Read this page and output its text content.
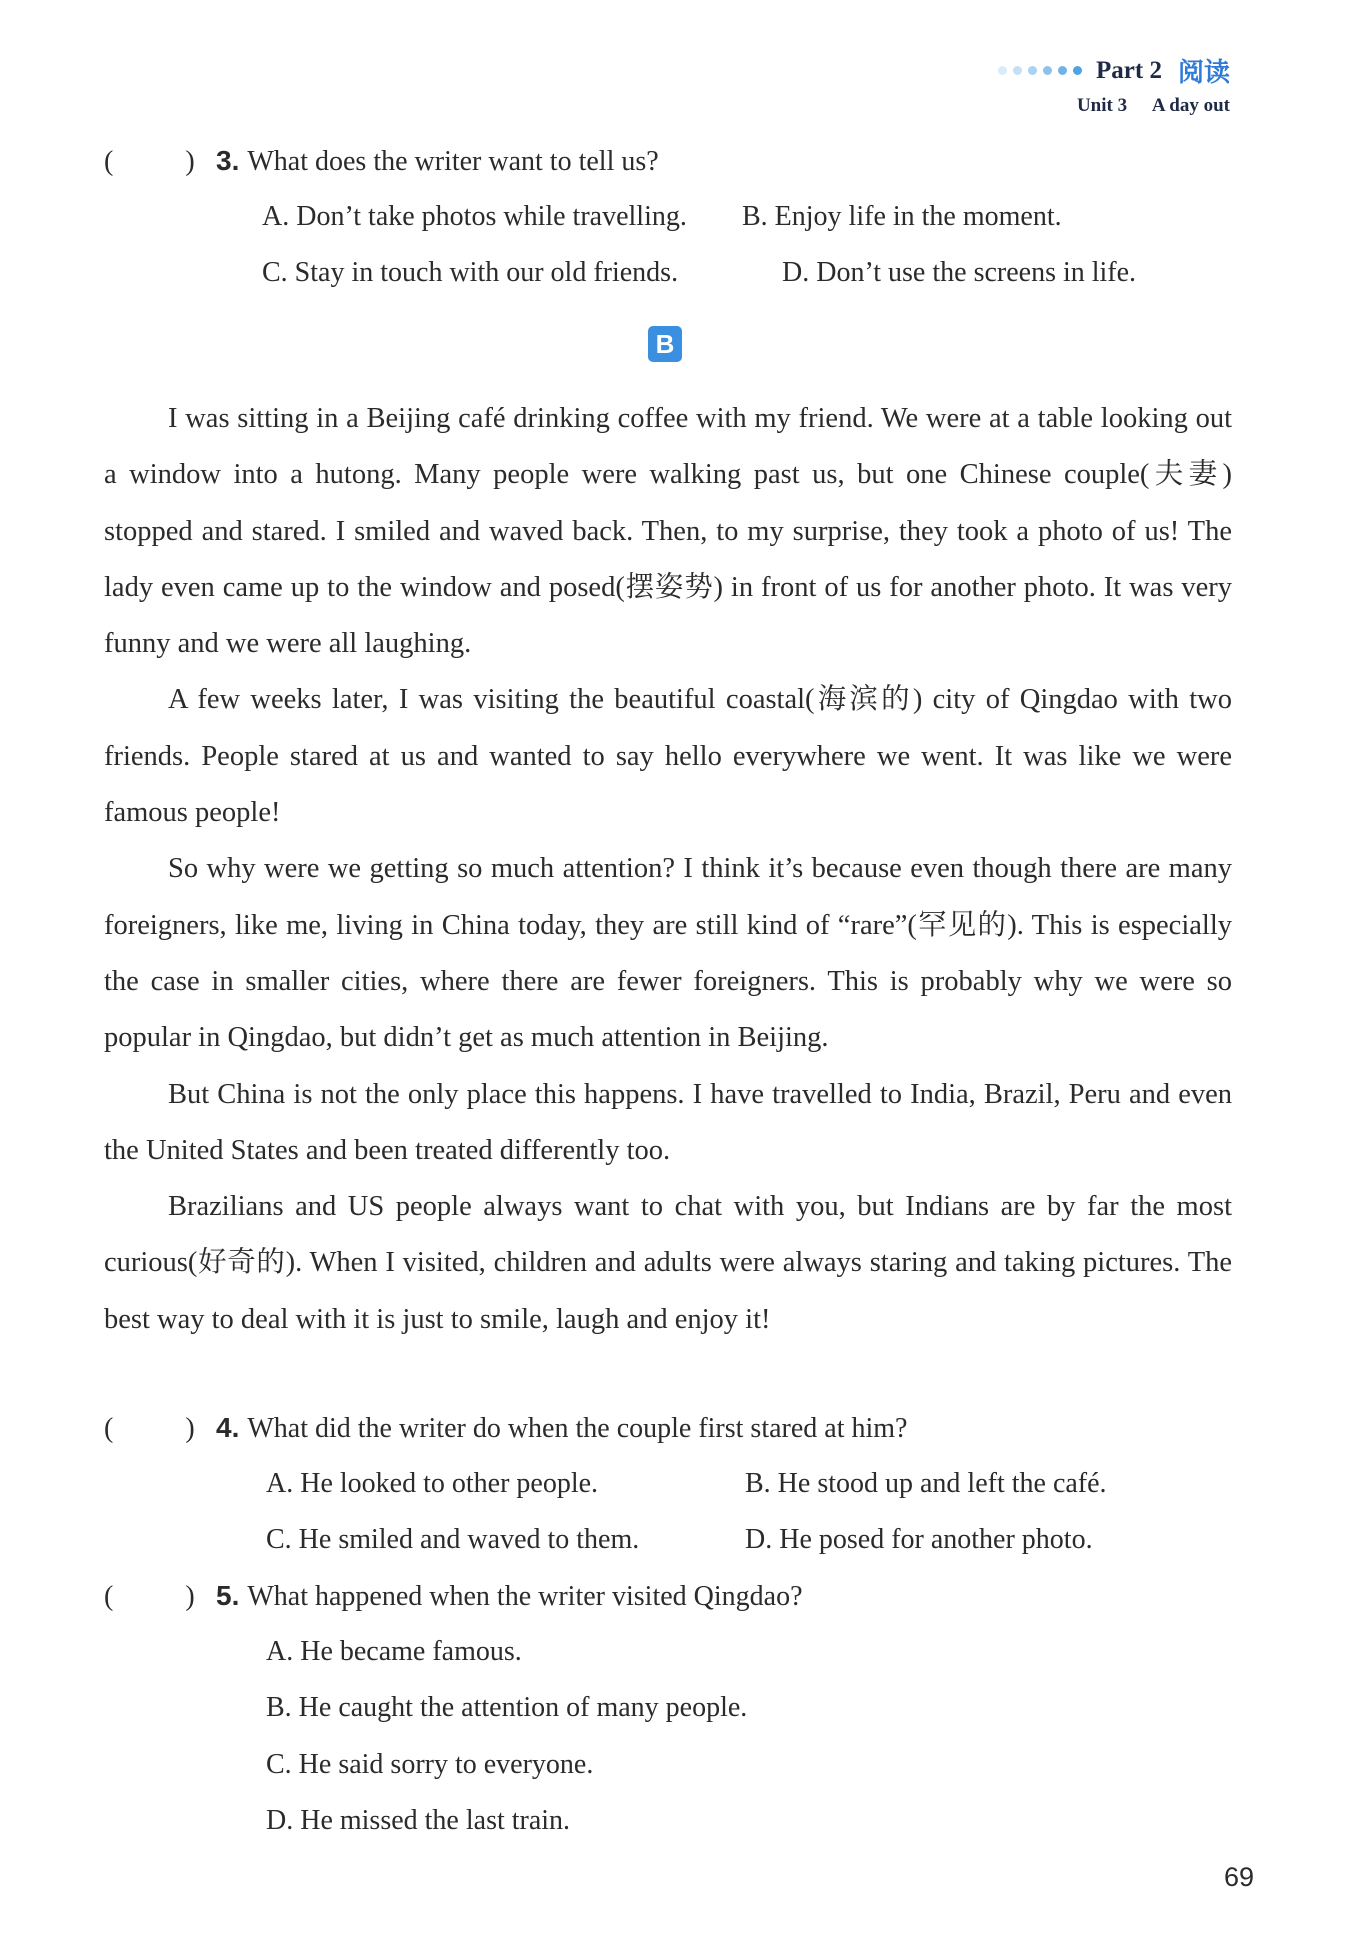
Part 2 阅读
Unit 3 A day out
(	) 3. What does the writer want to tell us?
A. Don’t take photos while travelling. B. Enjoy life in the moment.
C. Stay in touch with our old friends.	D. Don’t use the screens in life.
B

I was sitting in a Beijing café drinking coffee with my friend. We were at a table looking out a window into a hutong. Many people were walking past us, but one Chinese couple(夫妻) stopped and stared. I smiled and waved back. Then, to my surprise, they took a photo of us! The lady even came up to the window and posed(摆姿势) in front of us for another photo. It was very funny and we were all laughing.

A few weeks later, I was visiting the beautiful coastal(海滨的) city of Qingdao with two friends. People stared at us and wanted to say hello everywhere we went. It was like we were famous people!

So why were we getting so much attention? I think it’s because even though there are many foreigners, like me, living in China today, they are still kind of “rare”(罕见的). This is especially the case in smaller cities, where there are fewer foreigners. This is probably why we were so popular in Qingdao, but didn’t get as much attention in Beijing.

But China is not the only place this happens. I have travelled to India, Brazil, Peru and even the United States and been treated differently too.

Brazilians and US people always want to chat with you, but Indians are by far the most curious(好奇的). When I visited, children and adults were always staring and taking pictures. The best way to deal with it is just to smile, laugh and enjoy it!

(	) 4. What did the writer do when the couple first stared at him?
A. He looked to other people.	B. He stood up and left the café.
C. He smiled and waved to them.	D. He posed for another photo.
(	) 5. What happened when the writer visited Qingdao?
A. He became famous.
B. He caught the attention of many people.
C. He said sorry to everyone.
D. He missed the last train.
69
